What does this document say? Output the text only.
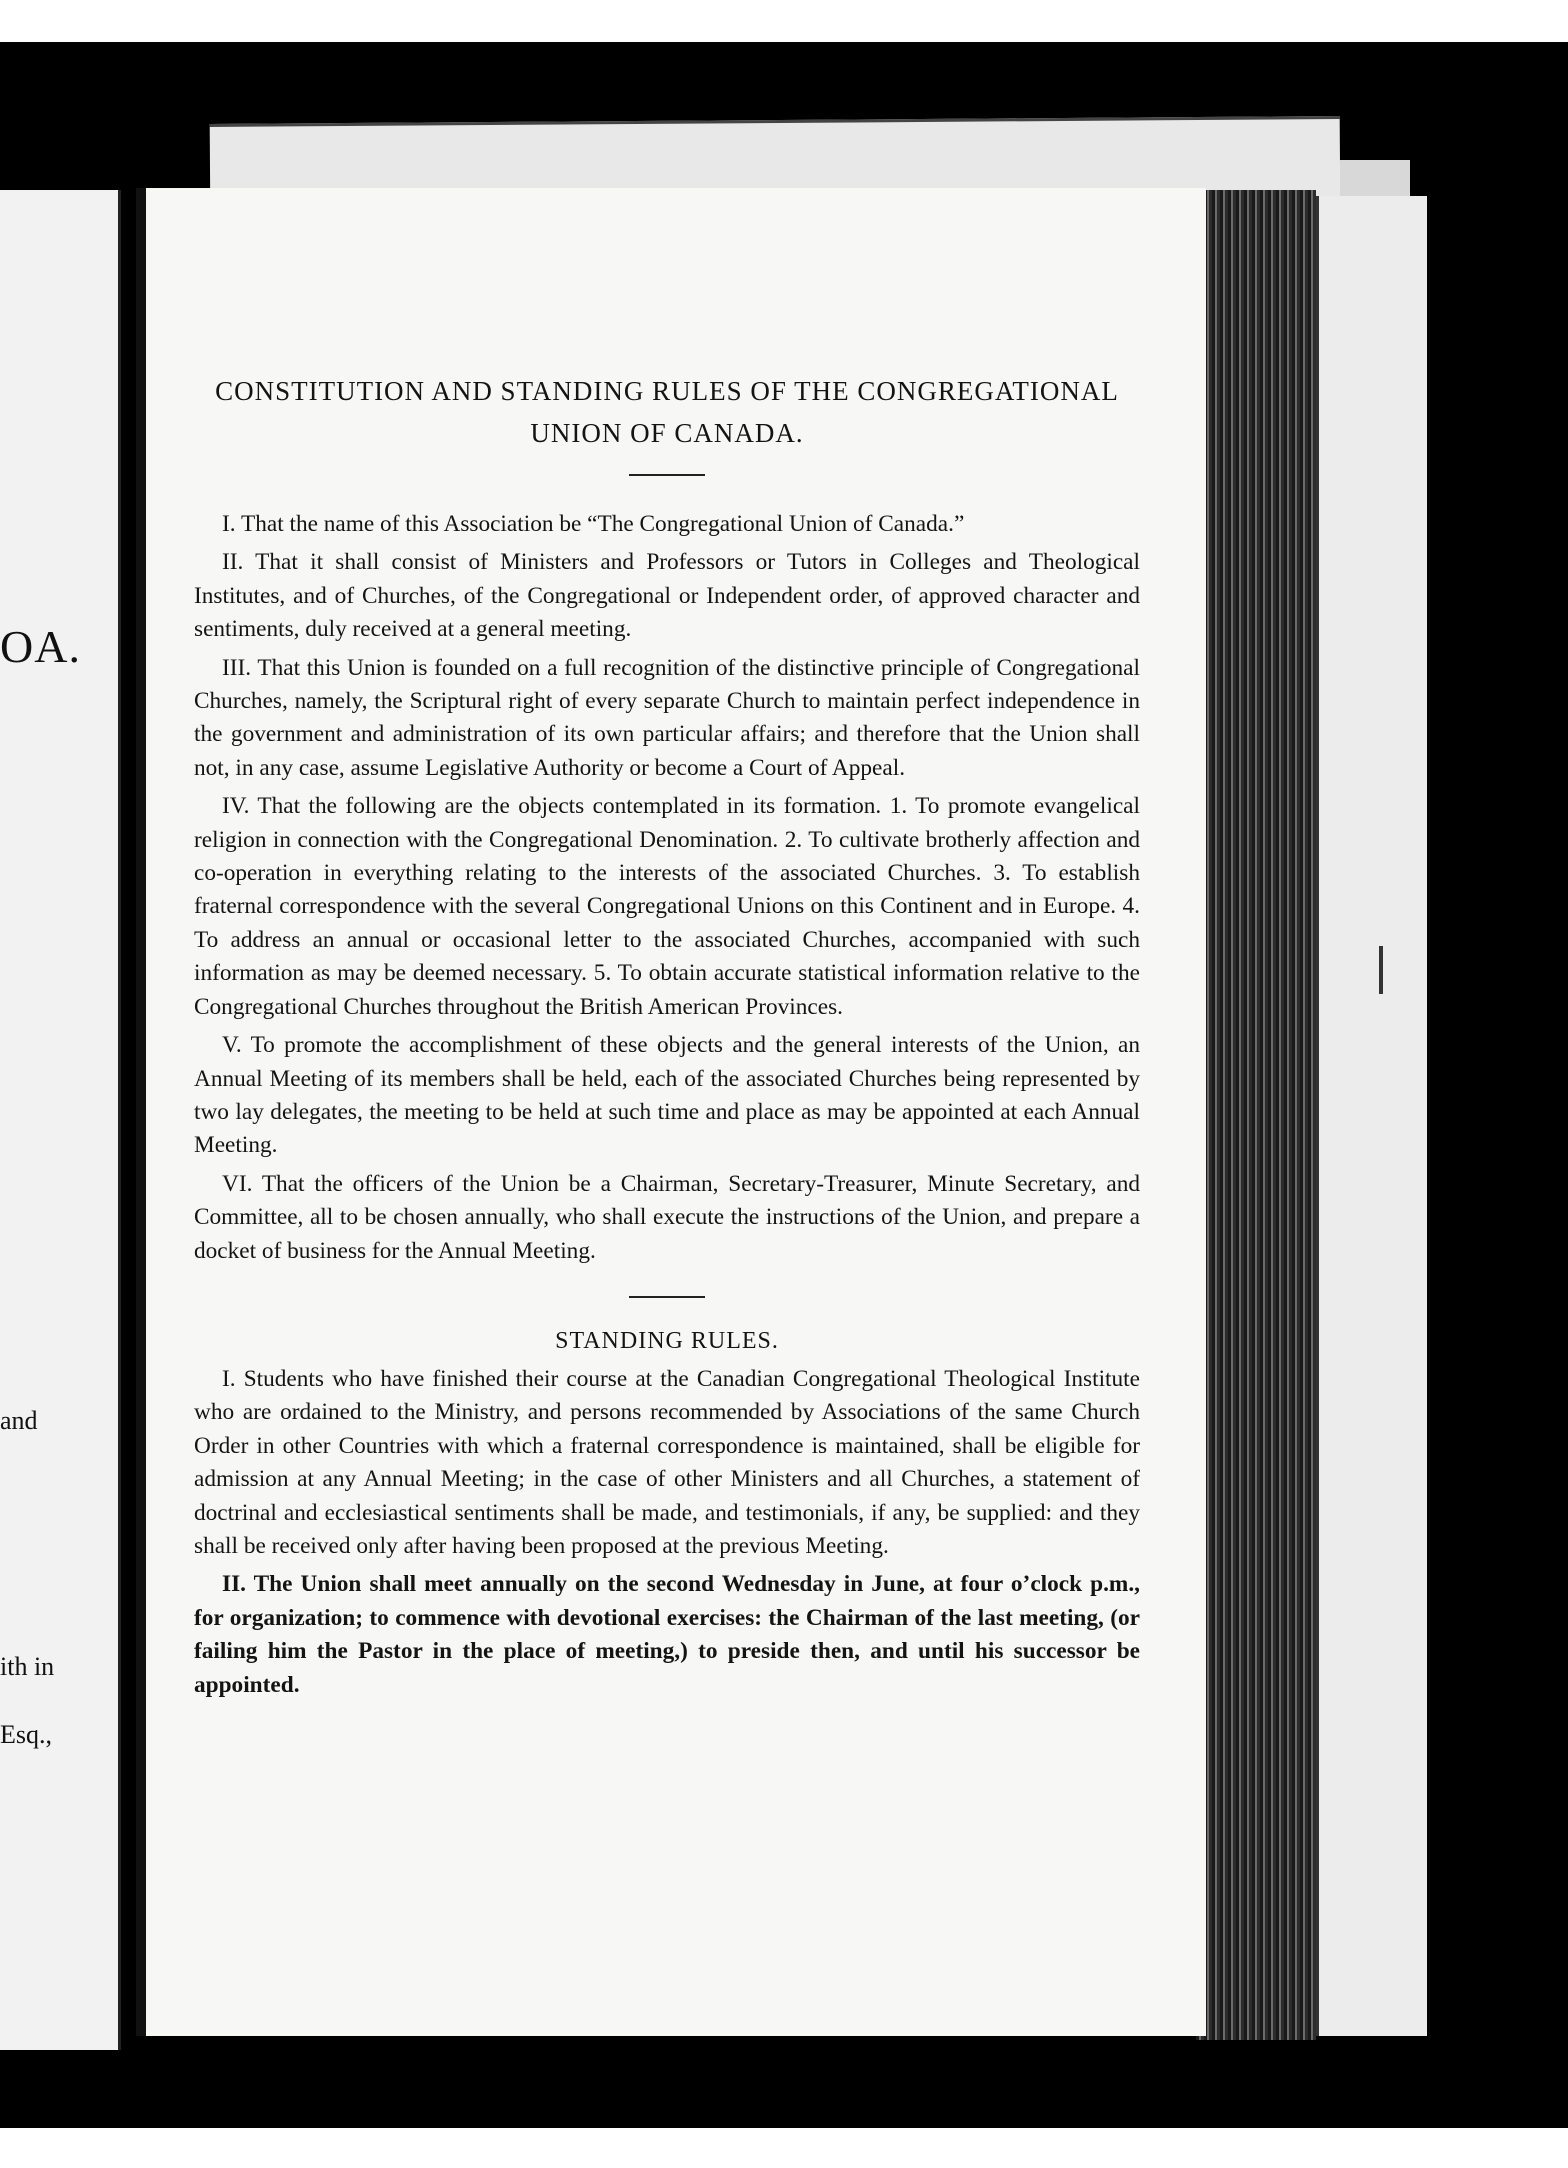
OA.
and
ith in
Esq.,
CONSTITUTION AND STANDING RULES OF THE CONGREGATIONAL
UNION OF CANADA.

I. That the name of this Association be “The Congregational Union of Canada.”

II. That it shall consist of Ministers and Professors or Tutors in Colleges and Theological Institutes, and of Churches, of the Congregational or Independent order, of approved character and sentiments, duly received at a general meeting.

III. That this Union is founded on a full recognition of the distinctive principle of Congregational Churches, namely, the Scriptural right of every separate Church to maintain perfect independence in the government and administration of its own particular affairs; and therefore that the Union shall not, in any case, assume Legislative Authority or become a Court of Appeal.

IV. That the following are the objects contemplated in its formation. 1. To promote evangelical religion in connection with the Congregational Denomination. 2. To cultivate brotherly affection and co-operation in everything relating to the interests of the associated Churches. 3. To establish fraternal correspondence with the several Congregational Unions on this Continent and in Europe. 4. To address an annual or occasional letter to the associated Churches, accompanied with such information as may be deemed necessary. 5. To obtain accurate statistical information relative to the Congregational Churches throughout the British American Provinces.

V. To promote the accomplishment of these objects and the general interests of the Union, an Annual Meeting of its members shall be held, each of the associated Churches being represented by two lay delegates, the meeting to be held at such time and place as may be appointed at each Annual Meeting.

VI. That the officers of the Union be a Chairman, Secretary-Treasurer, Minute Secretary, and Committee, all to be chosen annually, who shall execute the instructions of the Union, and prepare a docket of business for the Annual Meeting.

STANDING RULES.

I. Students who have finished their course at the Canadian Congregational Theological Institute who are ordained to the Ministry, and persons recommended by Associations of the same Church Order in other Countries with which a fraternal correspondence is maintained, shall be eligible for admission at any Annual Meeting; in the case of other Ministers and all Churches, a statement of doctrinal and ecclesiastical sentiments shall be made, and testimonials, if any, be supplied: and they shall be received only after having been proposed at the previous Meeting.

II. The Union shall meet annually on the second Wednesday in June, at four o’clock p.m., for organization; to commence with devotional exercises: the Chairman of the last meeting, (or failing him the Pastor in the place of meeting,) to preside then, and until his successor be appointed.
